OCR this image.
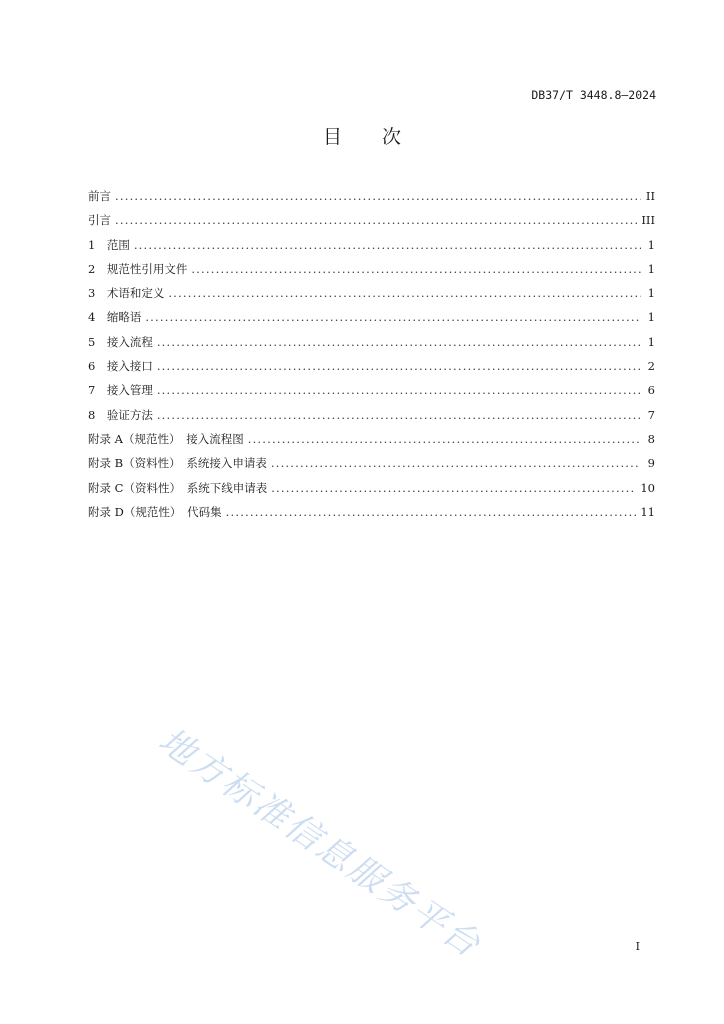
DB37/T 3448.8—2024
目 次
前言 .....	II
引言 .....	III
1　范围 .....	1
2　规范性引用文件 .....	1
3　术语和定义 .....	1
4　缩略语 .....	1
5　接入流程 .....	1
6　接入接口 .....	2
7　接入管理 .....	6
8　验证方法 .....	7
附录 A（规范性）　接入流程图 .....	8
附录 B（资料性）　系统接入申请表 .....	9
附录 C（资料性）　系统下线申请表 .....	10
附录 D（规范性）　代码集 .....	11
地方标准信息服务平台	I
